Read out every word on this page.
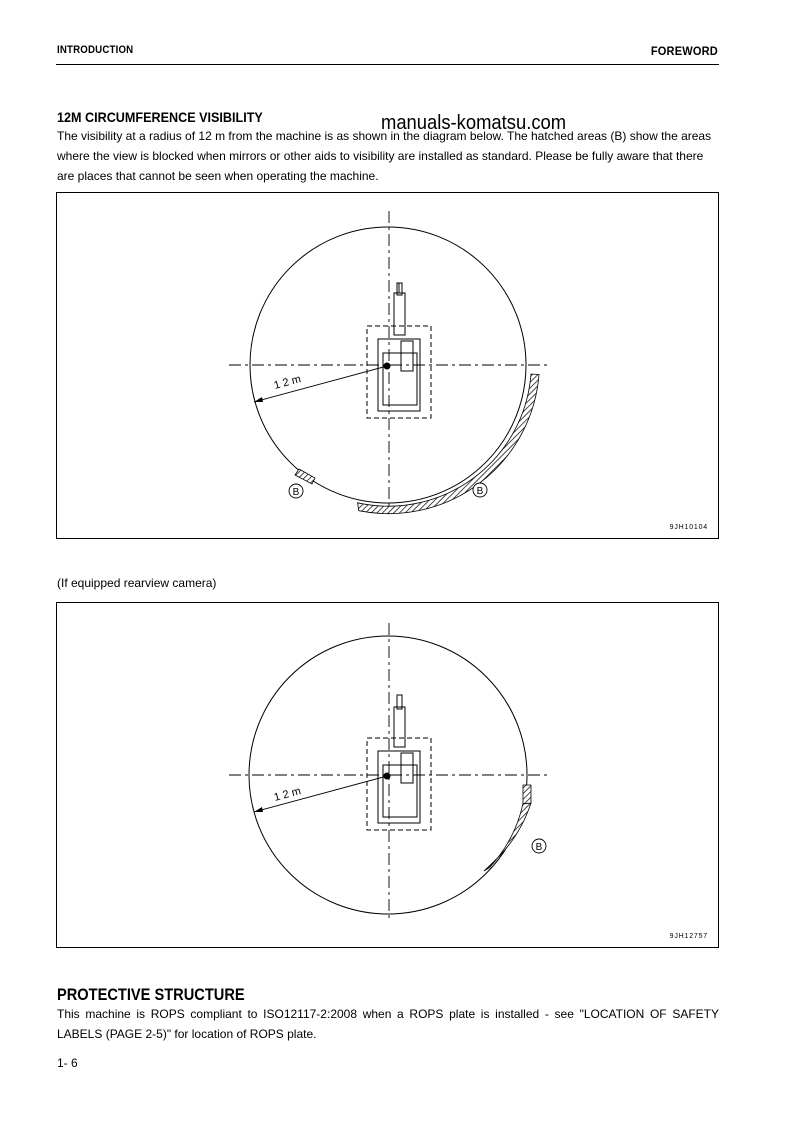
INTRODUCTION	FOREWORD
12M CIRCUMFERENCE VISIBILITY
The visibility at a radius of 12 m from the machine is as shown in the diagram below. The hatched areas (B) show the areas where the view is blocked when mirrors or other aids to visibility are installed as standard. Please be fully aware that there are places that cannot be seen when operating the machine.
manuals-komatsu.com
12m
B	B
9JH10104
(If equipped rearview camera)
12m
B
9JH12757
PROTECTIVE STRUCTURE
This machine is ROPS compliant to ISO12117-2:2008 when a ROPS plate is installed - see "LOCATION OF SAFETY LABELS (PAGE 2-5)" for location of ROPS plate.
1- 6
